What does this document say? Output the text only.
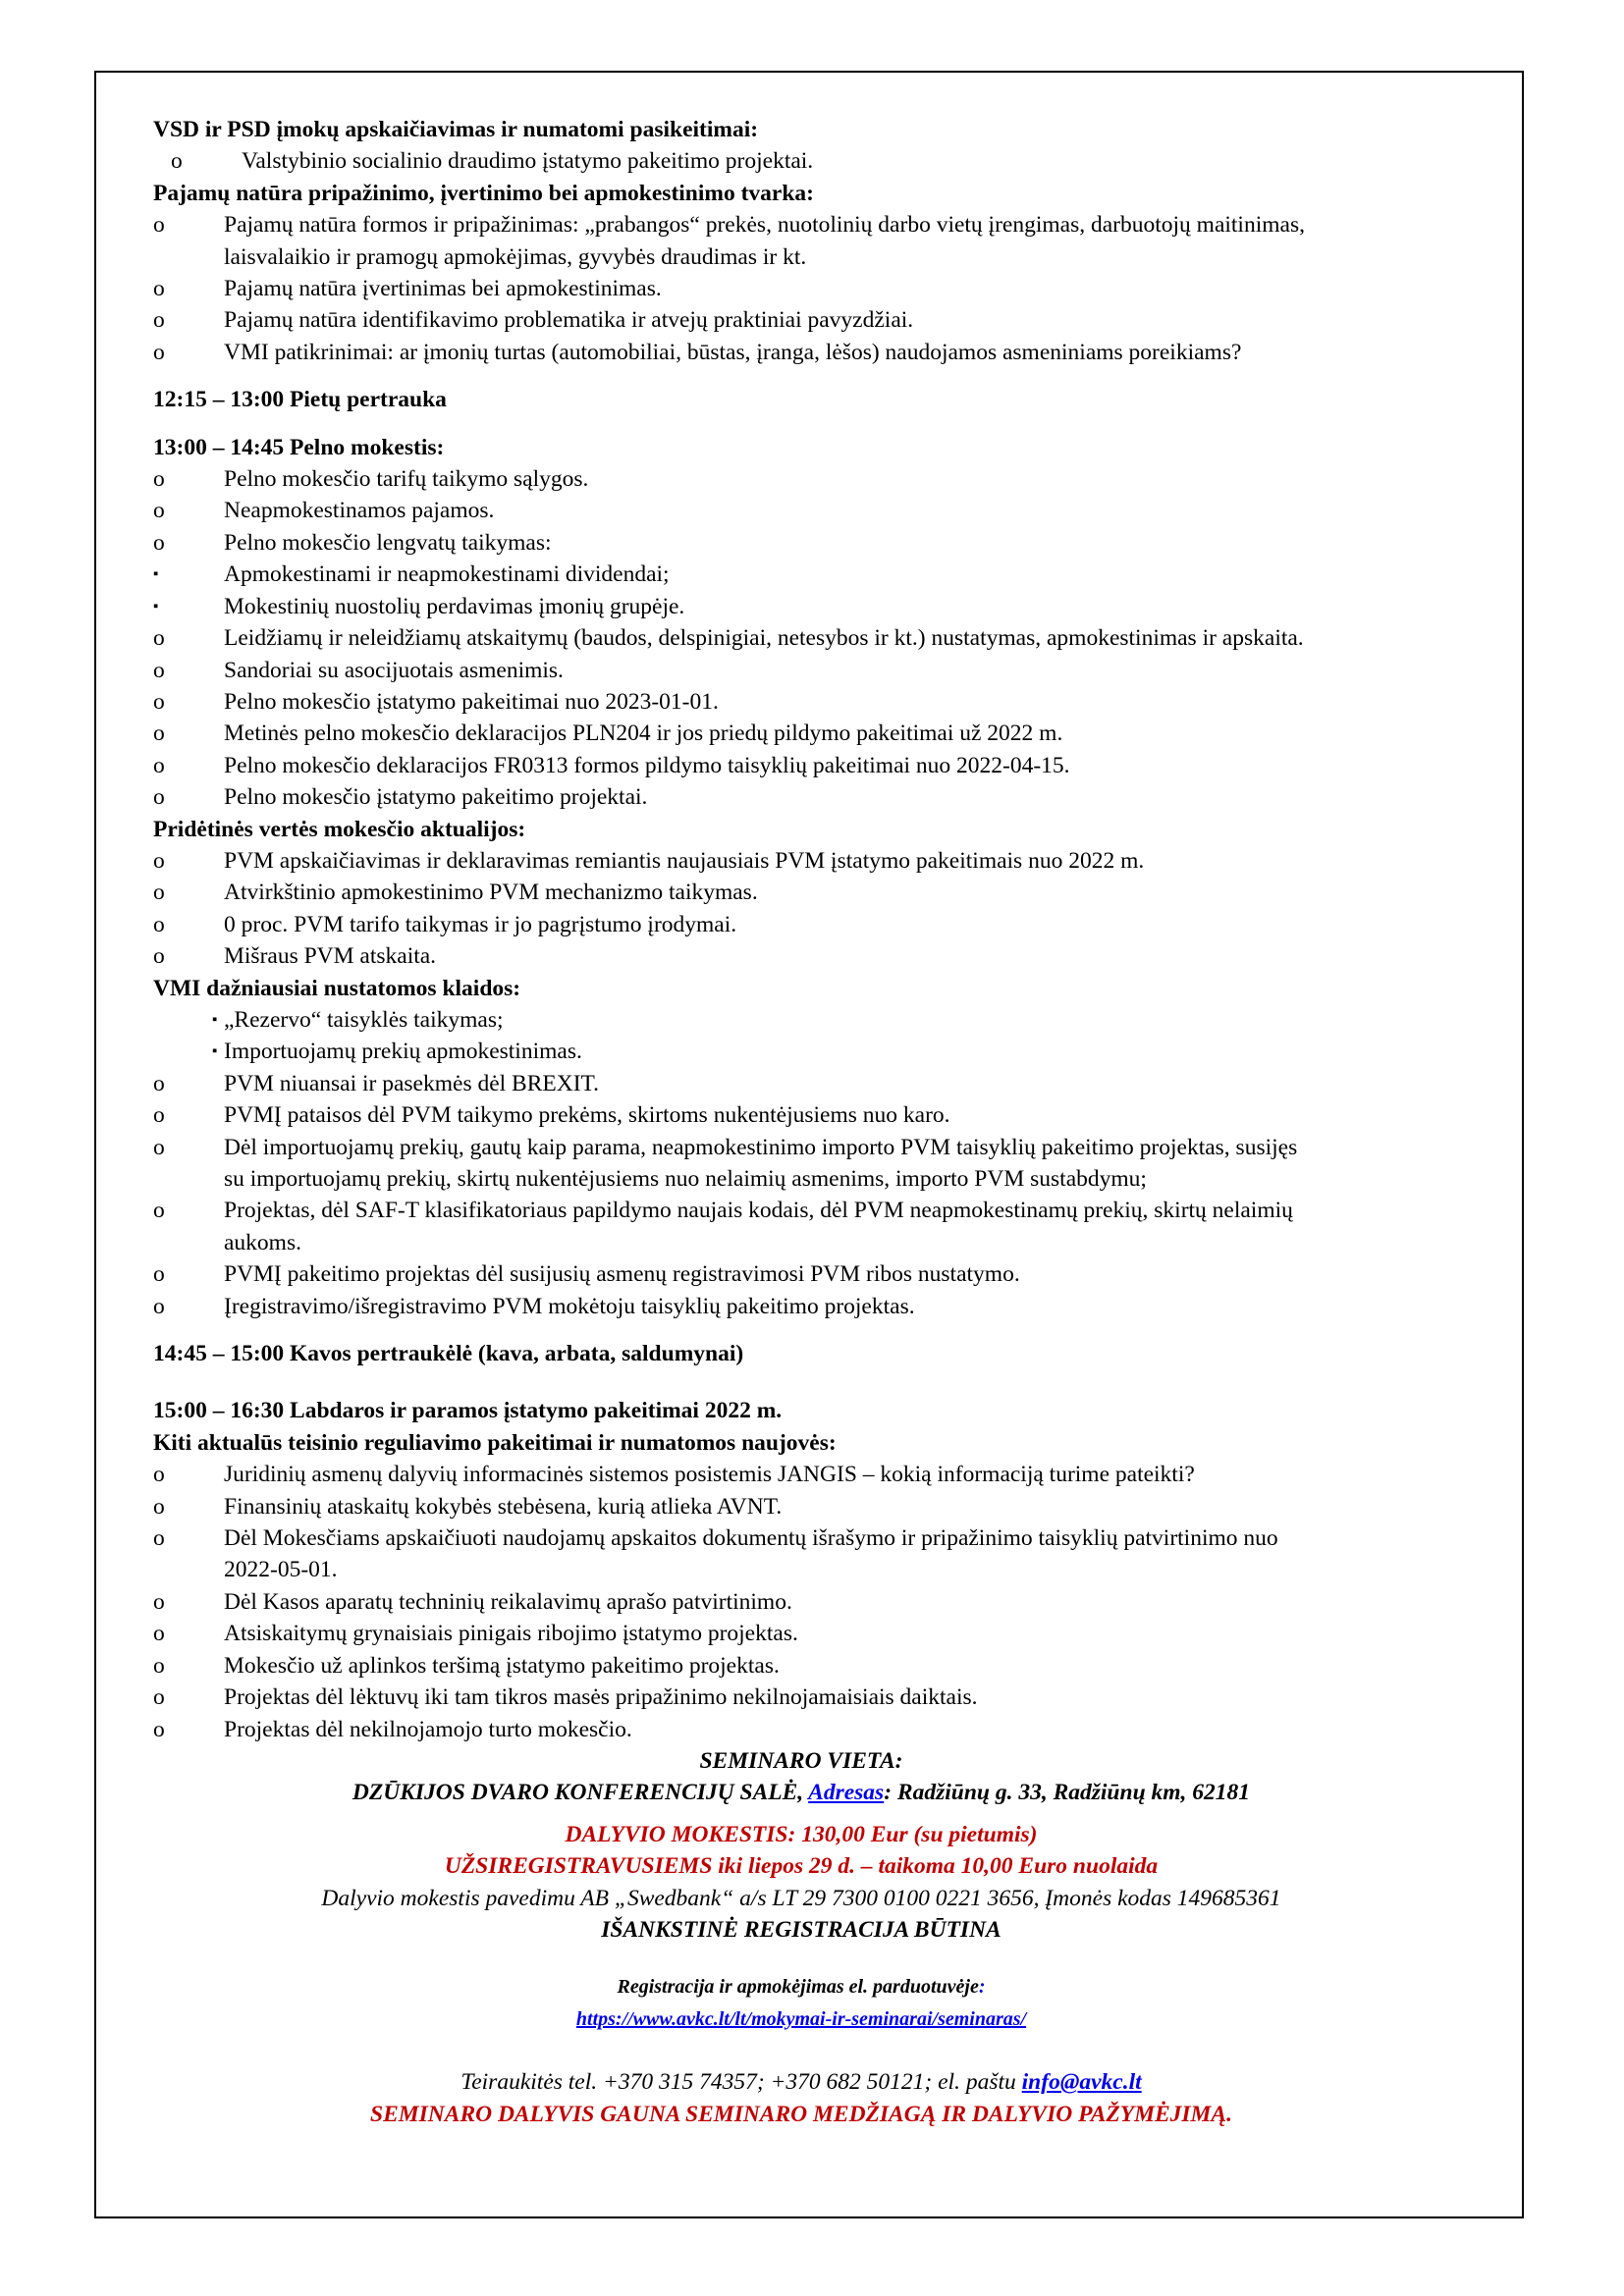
VSD ir PSD įmokų apskaičiavimas ir numatomi pasikeitimai:
o	Valstybinio socialinio draudimo įstatymo pakeitimo projektai.
Pajamų natūra pripažinimo, įvertinimo bei apmokestinimo tvarka:
o	Pajamų natūra formos ir pripažinimas: „prabangos“ prekės, nuotolinių darbo vietų įrengimas, darbuotojų maitinimas,
laisvalaikio ir pramogų apmokėjimas, gyvybės draudimas ir kt.
o	Pajamų natūra įvertinimas bei apmokestinimas.
o	Pajamų natūra identifikavimo problematika ir atvejų praktiniai pavyzdžiai.
o	VMI patikrinimai: ar įmonių turtas (automobiliai, būstas, įranga, lėšos) naudojamos asmeniniams poreikiams?
12:15 – 13:00 Pietų pertrauka
13:00 – 14:45 Pelno mokestis:
o	Pelno mokesčio tarifų taikymo sąlygos.
o	Neapmokestinamos pajamos.
o	Pelno mokesčio lengvatų taikymas:
▪	Apmokestinami ir neapmokestinami dividendai;
▪	Mokestinių nuostolių perdavimas įmonių grupėje.
o	Leidžiamų ir neleidžiamų atskaitymų (baudos, delspinigiai, netesybos ir kt.) nustatymas, apmokestinimas ir apskaita.
o	Sandoriai su asocijuotais asmenimis.
o	Pelno mokesčio įstatymo pakeitimai nuo 2023-01-01.
o	Metinės pelno mokesčio deklaracijos PLN204 ir jos priedų pildymo pakeitimai už 2022 m.
o	Pelno mokesčio deklaracijos FR0313 formos pildymo taisyklių pakeitimai nuo 2022-04-15.
o	Pelno mokesčio įstatymo pakeitimo projektai.
Pridėtinės vertės mokesčio aktualijos:
o	PVM apskaičiavimas ir deklaravimas remiantis naujausiais PVM įstatymo pakeitimais nuo 2022 m.
o	Atvirkštinio apmokestinimo PVM mechanizmo taikymas.
o	0 proc. PVM tarifo taikymas ir jo pagrįstumo įrodymai.
o	Mišraus PVM atskaita.
VMI dažniausiai nustatomos klaidos:
▪ „Rezervo“ taisyklės taikymas;
▪ Importuojamų prekių apmokestinimas.
o	PVM niuansai ir pasekmės dėl BREXIT.
o	PVMĮ pataisos dėl PVM taikymo prekėms, skirtoms nukentėjusiems nuo karo.
o	Dėl importuojamų prekių, gautų kaip parama, neapmokestinimo importo PVM taisyklių pakeitimo projektas, susijęs
su importuojamų prekių, skirtų nukentėjusiems nuo nelaimių asmenims, importo PVM sustabdymu;
o	Projektas, dėl SAF-T klasifikatoriaus papildymo naujais kodais, dėl PVM neapmokestinamų prekių, skirtų nelaimių
aukoms.
o	PVMĮ pakeitimo projektas dėl susijusių asmenų registravimosi PVM ribos nustatymo.
o	Įregistravimo/išregistravimo PVM mokėtoju taisyklių pakeitimo projektas.
14:45 – 15:00 Kavos pertraukėlė (kava, arbata, saldumynai)
15:00 – 16:30 Labdaros ir paramos įstatymo pakeitimai 2022 m.
Kiti aktualūs teisinio reguliavimo pakeitimai ir numatomos naujovės:
o	Juridinių asmenų dalyvių informacinės sistemos posistemis JANGIS – kokią informaciją turime pateikti?
o	Finansinių ataskaitų kokybės stebėsena, kurią atlieka AVNT.
o	Dėl Mokesčiams apskaičiuoti naudojamų apskaitos dokumentų išrašymo ir pripažinimo taisyklių patvirtinimo nuo
2022-05-01.
o	Dėl Kasos aparatų techninių reikalavimų aprašo patvirtinimo.
o	Atsiskaitymų grynaisiais pinigais ribojimo įstatymo projektas.
o	Mokesčio už aplinkos teršimą įstatymo pakeitimo projektas.
o	Projektas dėl lėktuvų iki tam tikros masės pripažinimo nekilnojamaisiais daiktais.
o	Projektas dėl nekilnojamojo turto mokesčio.
SEMINARO VIETA:
DZŪKIJOS DVARO KONFERENCIJŲ SALĖ, Adresas: Radžiūnų g. 33, Radžiūnų km, 62181
DALYVIO MOKESTIS: 130,00 Eur (su pietumis)
UŽSIREGISTRAVUSIEMS iki liepos 29 d. – taikoma 10,00 Euro nuolaida
Dalyvio mokestis pavedimu AB „Swedbank“ a/s LT 29 7300 0100 0221 3656, Įmonės kodas 149685361
IŠANKSTINĖ REGISTRACIJA BŪTINA
Registracija ir apmokėjimas el. parduotuvėje:
https://www.avkc.lt/lt/mokymai-ir-seminarai/seminaras/
Teiraukitės tel. +370 315 74357; +370 682 50121; el. paštu info@avkc.lt
SEMINARO DALYVIS GAUNA SEMINARO MEDŽIAGĄ IR DALYVIO PAŽYMĖJIMĄ.
